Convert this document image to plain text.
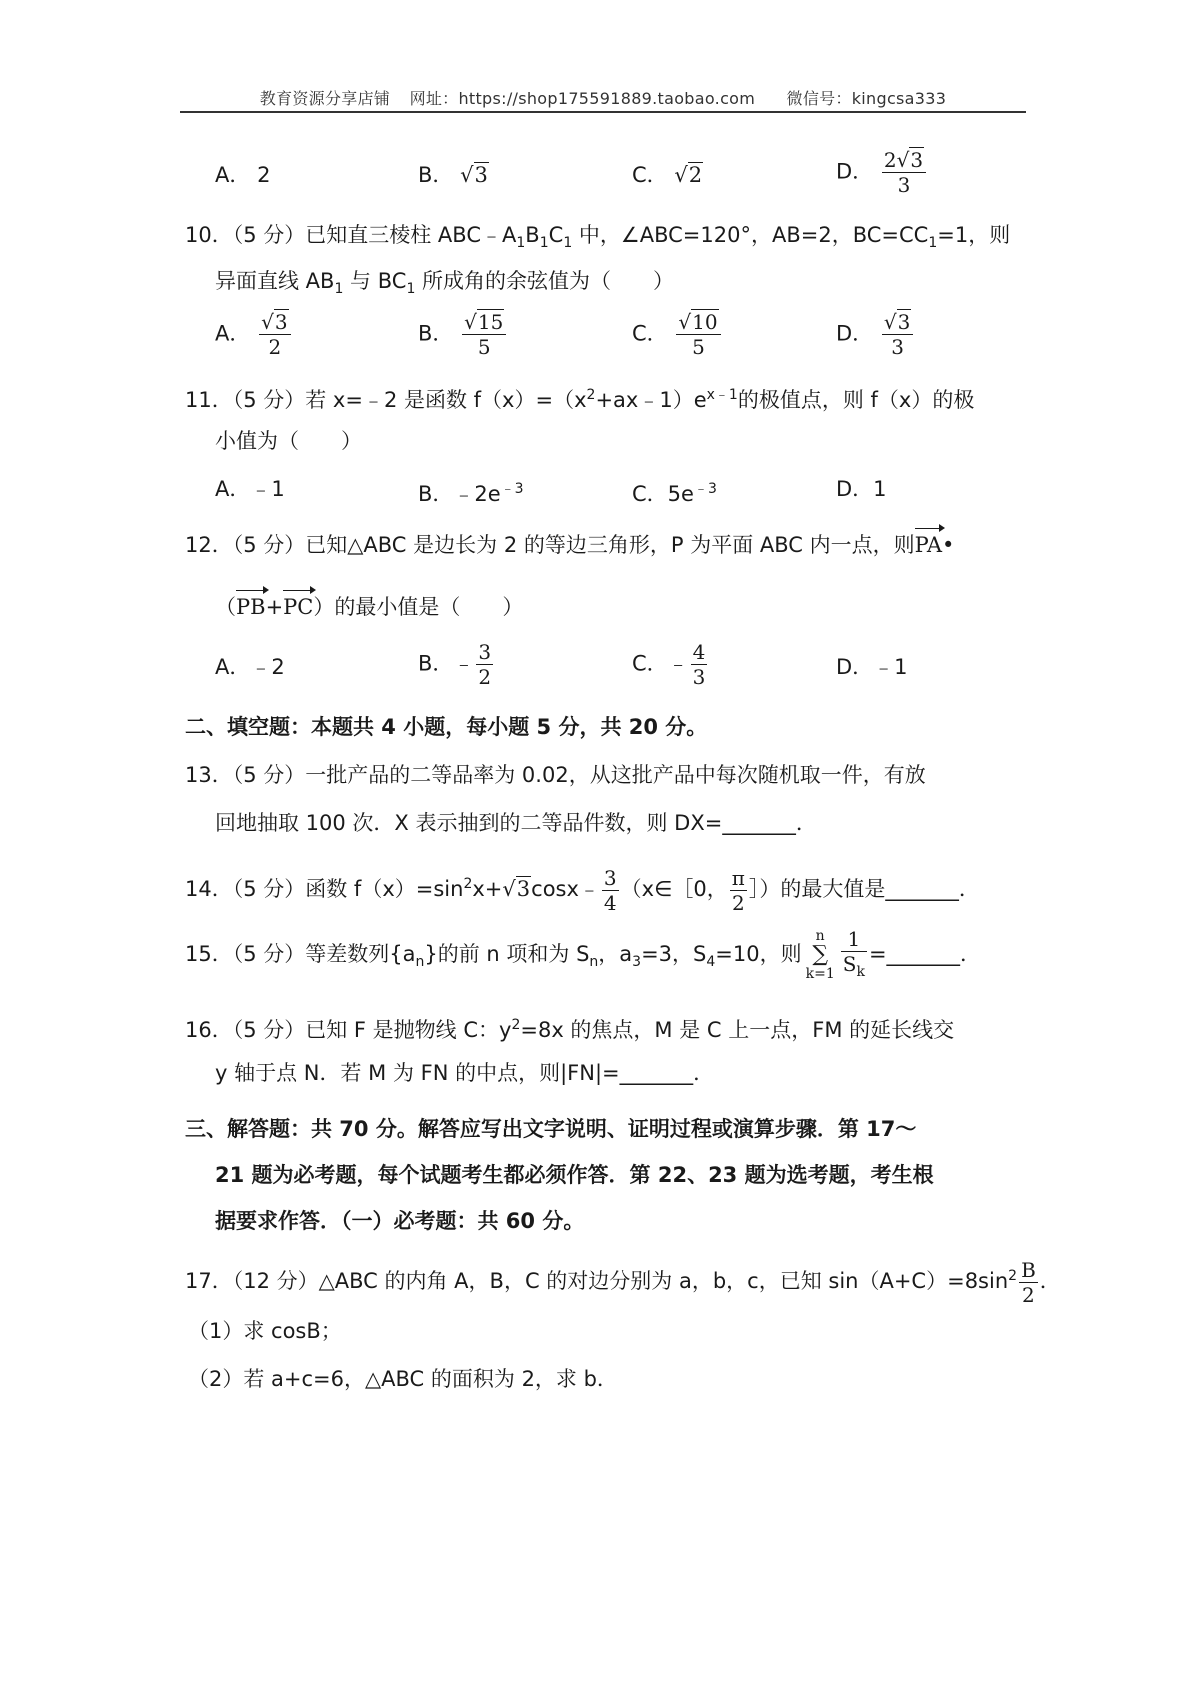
教育资源分享店铺 网址：https://shop175591889.taobao.com 微信号：kingcsa333
A． 2	B． √3	C． √2	D． $\frac{2√3}{3}$
10．（5 分）已知直三棱柱 $ABC﹣A_1B_1C_1$ 中，∠ABC=120°，AB=2，$BC=CC_1=1$，则
异面直线 $AB_1$ 与 $BC_1$ 所成角的余弦值为（　　）
A． $\frac{√3}{2}$	B． $\frac{√15}{5}$	C． $\frac{√10}{5}$	D． $\frac{√3}{3}$
11．（5 分）若 x=﹣2 是函数 $f(x)=(x^2+ax﹣1)e^{x﹣1}$的极值点，则 f（x）的极
小值为（　　）
A．﹣1	B．$﹣2e^{﹣3}$	C．$5e^{﹣3}$	D．1
12．（5 分）已知△ABC 是边长为 2 的等边三角形，P 为平面 ABC 内一点，则PA•
（PB+PC）的最小值是（　　）
A．﹣2	B．﹣ $\frac{3}{2}$	C．﹣ $\frac{4}{3}$	D．﹣1
二、填空题：本题共 4 小题，每小题 5 分，共 20 分。
13．（5 分）一批产品的二等品率为 0.02，从这批产品中每次随机取一件，有放
回地抽取 100 次．X 表示抽到的二等品件数，则 DX=_______．
14．（5 分）函数 $f(x)=\sin^2x+√3\cos x﹣ \frac{3}{4}$ （x∈［0， $\frac{\pi}{2}$ ］）的最大值是_______．
15．（5 分）等差数列$\{a_n\}$的前 n 项和为 $S_n$，$a_3=3$，$S_4=10$，则
n
∑
$k=1 \frac{1}{S_k}$ =_______．
16．（5 分）已知 F 是抛物线 C：$y^2=8x$ 的焦点，M 是 C 上一点，FM 的延长线交
y 轴于点 N．若 M 为 FN 的中点，则|FN|=_______．
三、解答题：共 70 分。解答应写出文字说明、证明过程或演算步骤．第 17～
21 题为必考题，每个试题考生都必须作答．第 22、23 题为选考题，考生根
据要求作答．（一）必考题：共 60 分。
17．（12 分）△ABC 的内角 A，B，C 的对边分别为 a，b，c，已知 $\sin(A+C)=8\sin^2 \frac{B}{2}$ ．
（1）求 cosB；
（2）若 a+c=6，△ABC 的面积为 2，求 b．
